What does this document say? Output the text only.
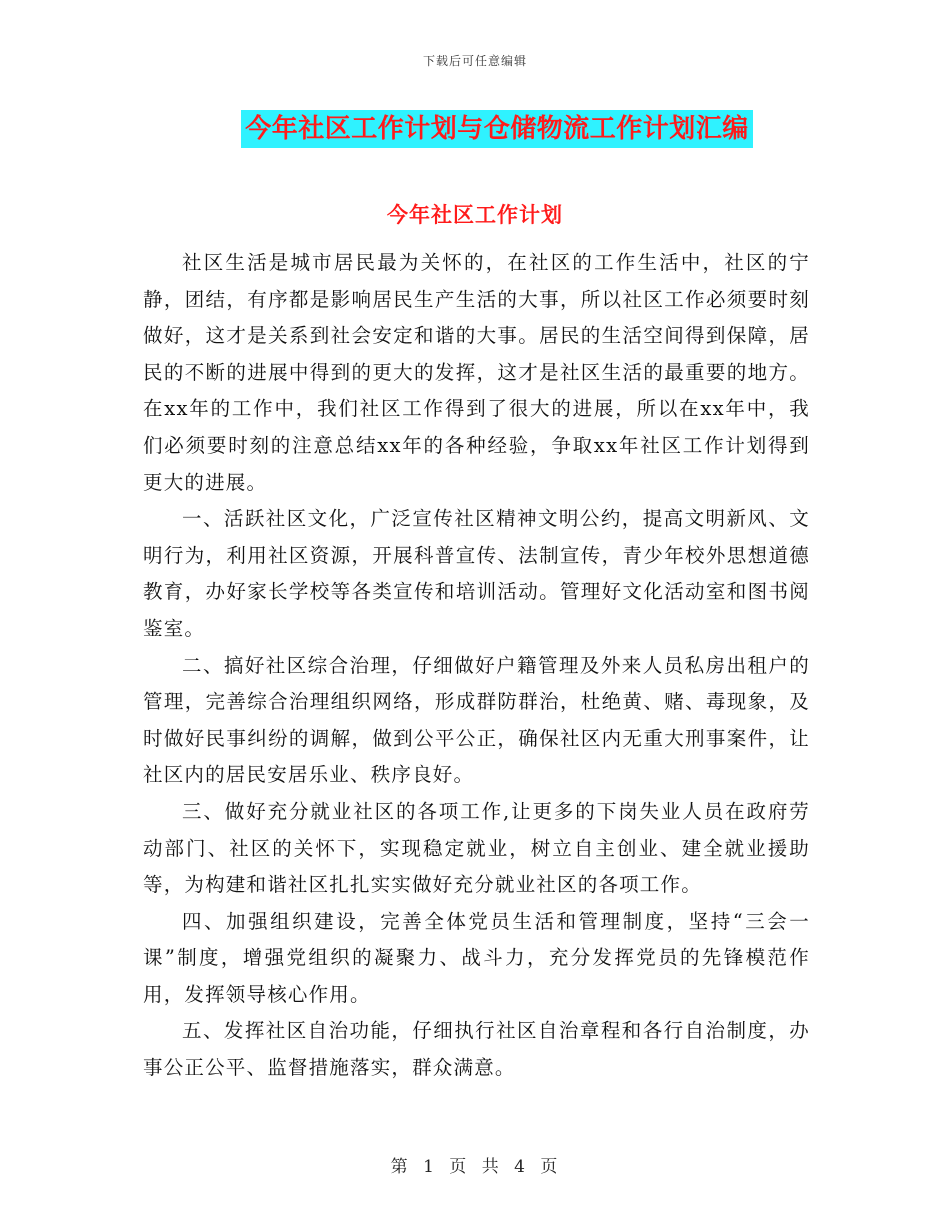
下载后可任意编辑
今年社区工作计划与仓储物流工作计划汇编
今年社区工作计划

社区生活是城市居民最为关怀的，在社区的工作生活中，社区的宁静，团结，有序都是影响居民生产生活的大事，所以社区工作必须要时刻做好，这才是关系到社会安定和谐的大事。居民的生活空间得到保障，居民的不断的进展中得到的更大的发挥，这才是社区生活的最重要的地方。在xx年的工作中，我们社区工作得到了很大的进展，所以在xx年中，我们必须要时刻的注意总结xx年的各种经验，争取xx年社区工作计划得到更大的进展。

一、活跃社区文化，广泛宣传社区精神文明公约，提高文明新风、文明行为，利用社区资源，开展科普宣传、法制宣传，青少年校外思想道德教育，办好家长学校等各类宣传和培训活动。管理好文化活动室和图书阅鉴室。

二、搞好社区综合治理，仔细做好户籍管理及外来人员私房出租户的管理，完善综合治理组织网络，形成群防群治，杜绝黄、赌、毒现象，及时做好民事纠纷的调解，做到公平公正，确保社区内无重大刑事案件，让社区内的居民安居乐业、秩序良好。

三、做好充分就业社区的各项工作,让更多的下岗失业人员在政府劳动部门、社区的关怀下，实现稳定就业，树立自主创业、建全就业援助等，为构建和谐社区扎扎实实做好充分就业社区的各项工作。

四、加强组织建设，完善全体党员生活和管理制度，坚持“三会一课”制度，增强党组织的凝聚力、战斗力，充分发挥党员的先锋模范作用，发挥领导核心作用。

五、发挥社区自治功能，仔细执行社区自治章程和各行自治制度，办事公正公平、监督措施落实，群众满意。

第 1 页 共 4 页
